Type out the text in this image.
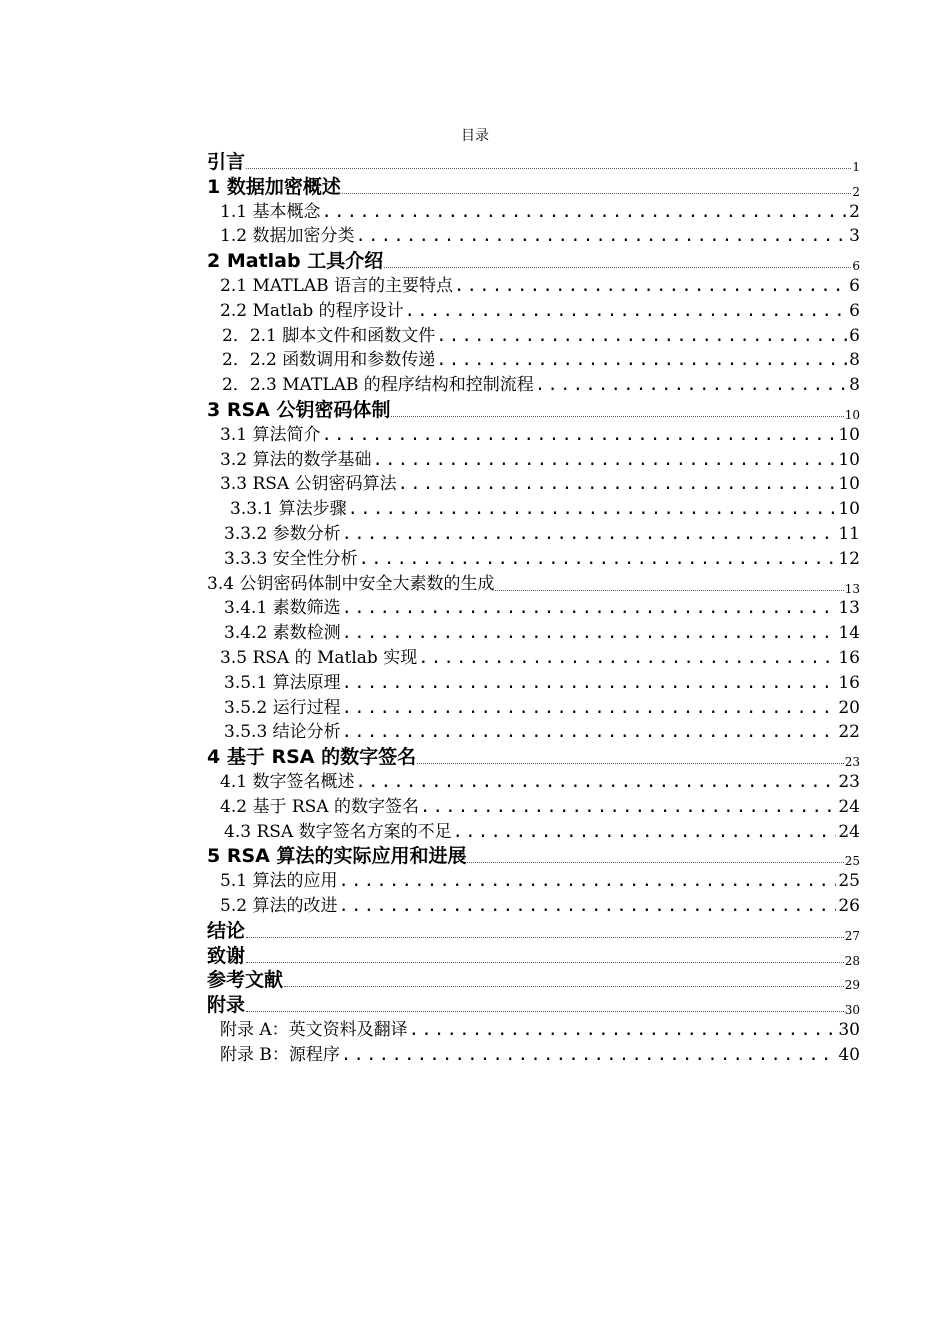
目录
引言	1
1 数据加密概述	2
1.1 基本概念 .....	2
1.2 数据加密分类 .....	3
2 Matlab 工具介绍	6
2.1 MATLAB 语言的主要特点 .....	6
2.2 Matlab 的程序设计 .....	6
2．2.1 脚本文件和函数文件 .....	6
2．2.2 函数调用和参数传递 .....	8
2．2.3 MATLAB 的程序结构和控制流程 .....	8
3 RSA 公钥密码体制	10
3.1 算法简介 .....	10
3.2 算法的数学基础 .....	10
3.3 RSA 公钥密码算法 .....	10
3.3.1 算法步骤 .....	10
3.3.2 参数分析 .....	11
3.3.3 安全性分析 .....	12
3.4 公钥密码体制中安全大素数的生成	13
3.4.1 素数筛选 .....	13
3.4.2 素数检测 .....	14
3.5 RSA 的 Matlab 实现 .....	16
3.5.1 算法原理 .....	16
3.5.2 运行过程 .....	20
3.5.3 结论分析 .....	22
4 基于 RSA 的数字签名	23
4.1 数字签名概述 .....	23
4.2 基于 RSA 的数字签名 .....	24
4.3 RSA 数字签名方案的不足 .....	24
5 RSA 算法的实际应用和进展	25
5.1 算法的应用 .....	25
5.2 算法的改进 .....	26
结论	27
致谢	28
参考文献	29
附录	30
附录 A：英文资料及翻译 .....	30
附录 B：源程序 .....	40
